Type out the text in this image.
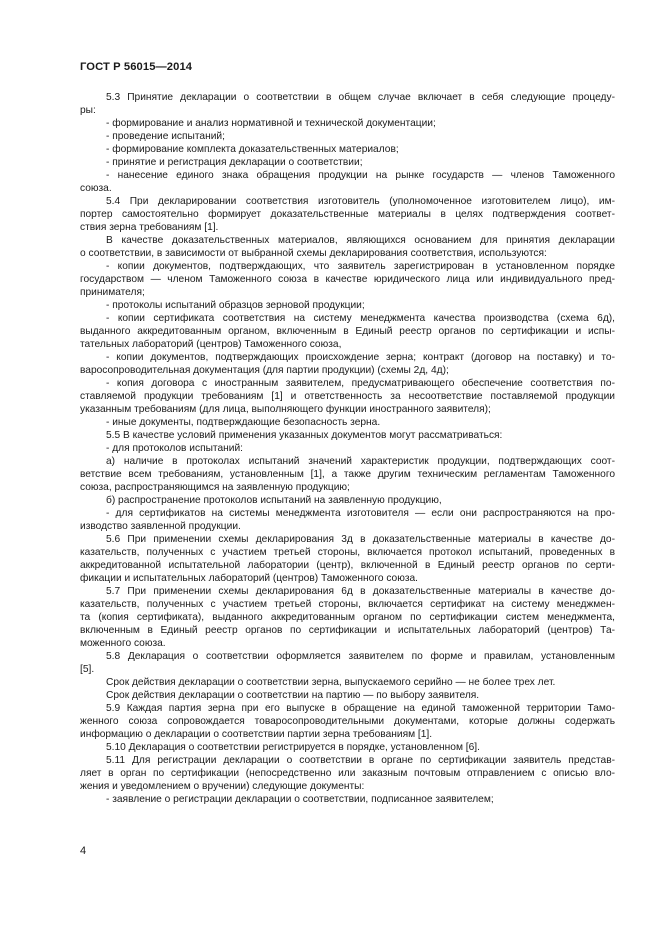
ГОСТ Р 56015—2014
5.3 Принятие декларации о соответствии в общем случае включает в себя следующие процеду-
ры:
- формирование и анализ нормативной и технической документации;
- проведение испытаний;
- формирование комплекта доказательственных материалов;
- принятие и регистрация декларации о соответствии;
- нанесение единого знака обращения продукции на рынке государств — членов Таможенного
союза.
5.4 При декларировании соответствия изготовитель (уполномоченное изготовителем лицо), им-
портер самостоятельно формирует доказательственные материалы в целях подтверждения соответ-
ствия зерна требованиям [1].
В качестве доказательственных материалов, являющихся основанием для принятия декларации
о соответствии, в зависимости от выбранной схемы декларирования соответствия, используются:
- копии документов, подтверждающих, что заявитель зарегистрирован в установленном порядке
государством — членом Таможенного союза в качестве юридического лица или индивидуального пред-
принимателя;
- протоколы испытаний образцов зерновой продукции;
- копии сертификата соответствия на систему менеджмента качества производства (схема 6д),
выданного аккредитованным органом, включенным в Единый реестр органов по сертификации и испы-
тательных лабораторий (центров) Таможенного союза,
- копии документов, подтверждающих происхождение зерна; контракт (договор на поставку) и то-
варосопроводительная документация (для партии продукции) (схемы 2д, 4д);
- копия договора с иностранным заявителем, предусматривающего обеспечение соответствия по-
ставляемой продукции требованиям [1] и ответственность за несоответствие поставляемой продукции
указанным требованиям (для лица, выполняющего функции иностранного заявителя);
- иные документы, подтверждающие безопасность зерна.
5.5 В качестве условий применения указанных документов могут рассматриваться:
- для протоколов испытаний:
а) наличие в протоколах испытаний значений характеристик продукции, подтверждающих соот-
ветствие всем требованиям, установленным [1], а также другим техническим регламентам Таможенного
союза, распространяющимся на заявленную продукцию;
б) распространение протоколов испытаний на заявленную продукцию,
- для сертификатов на системы менеджмента изготовителя — если они распространяются на про-
изводство заявленной продукции.
5.6 При применении схемы декларирования 3д в доказательственные материалы в качестве до-
казательств, полученных с участием третьей стороны, включается протокол испытаний, проведенных в
аккредитованной испытательной лаборатории (центр), включенной в Единый реестр органов по серти-
фикации и испытательных лабораторий (центров) Таможенного союза.
5.7 При применении схемы декларирования 6д в доказательственные материалы в качестве до-
казательств, полученных с участием третьей стороны, включается сертификат на систему менеджмен-
та (копия сертификата), выданного аккредитованным органом по сертификации систем менеджмента,
включенным в Единый реестр органов по сертификации и испытательных лабораторий (центров) Та-
моженного союза.
5.8 Декларация о соответствии оформляется заявителем по форме и правилам, установленным
[5].
Срок действия декларации о соответствии зерна, выпускаемого серийно — не более трех лет.
Срок действия декларации о соответствии на партию — по выбору заявителя.
5.9 Каждая партия зерна при его выпуске в обращение на единой таможенной территории Тамо-
женного союза сопровождается товаросопроводительными документами, которые должны содержать
информацию о декларации о соответствии партии зерна требованиям [1].
5.10 Декларация о соответствии регистрируется в порядке, установленном [6].
5.11 Для регистрации декларации о соответствии в органе по сертификации заявитель представ-
ляет в орган по сертификации (непосредственно или заказным почтовым отправлением с описью вло-
жения и уведомлением о вручении) следующие документы:
- заявление о регистрации декларации о соответствии, подписанное заявителем;
4
